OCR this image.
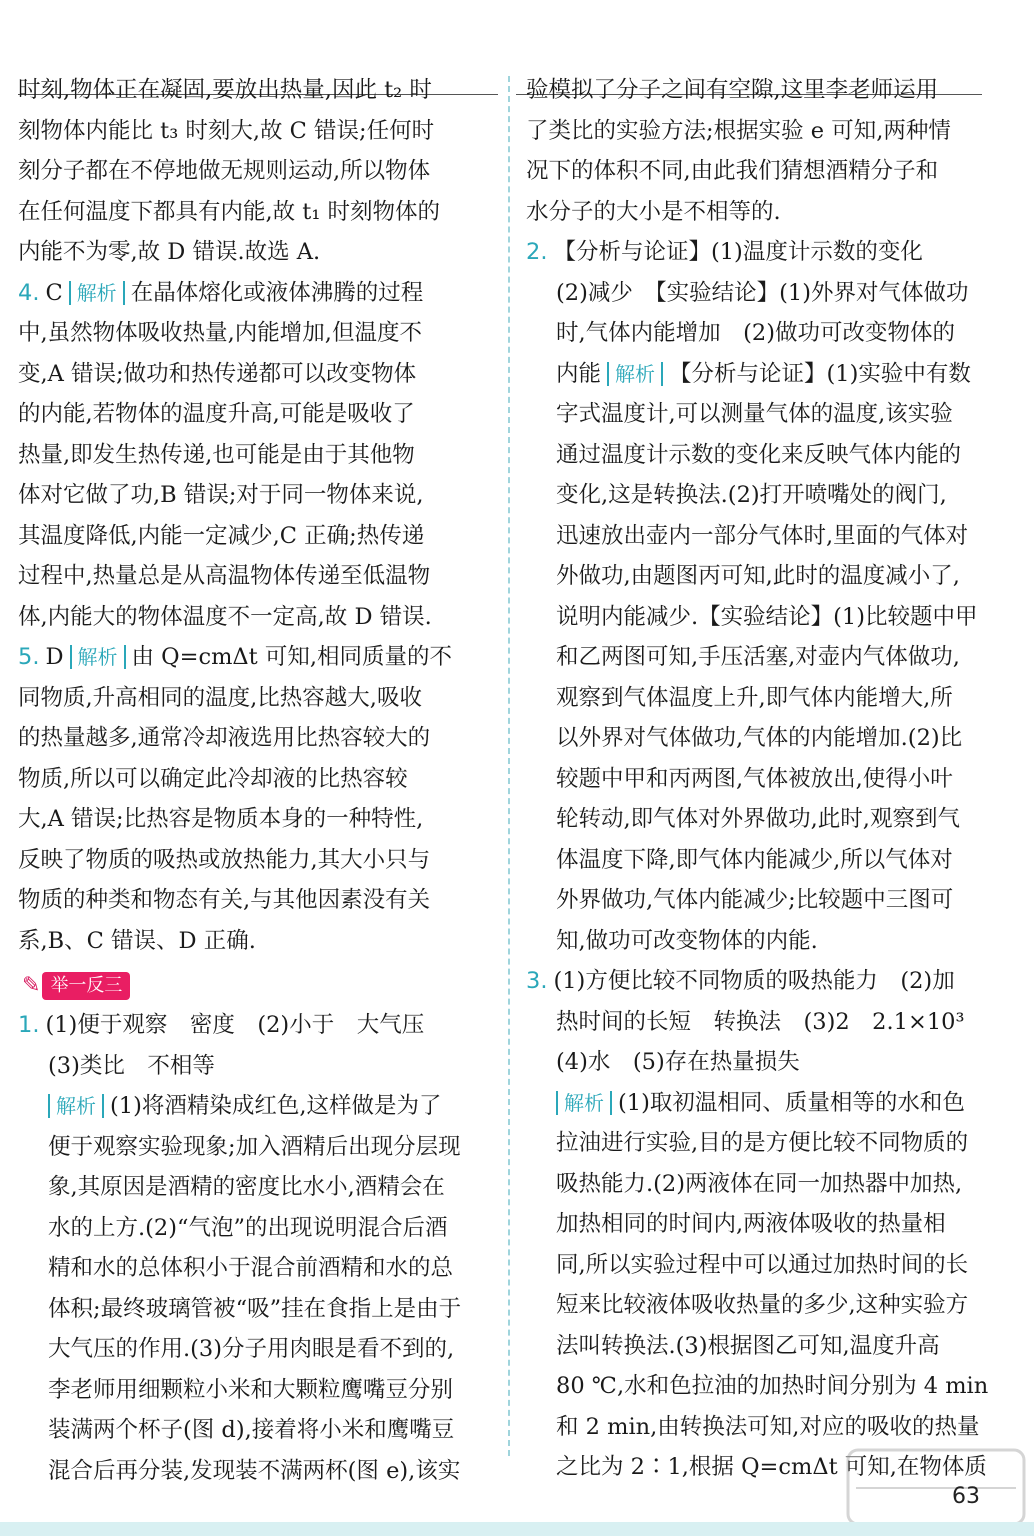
时刻,物体正在凝固,要放出热量,因此 t₂ 时
刻物体内能比 t₃ 时刻大,故 C 错误;任何时
刻分子都在不停地做无规则运动,所以物体
在任何温度下都具有内能,故 t₁ 时刻物体的
内能不为零,故 D 错误.故选 A.
4. C 解析 在晶体熔化或液体沸腾的过程
中,虽然物体吸收热量,内能增加,但温度不
变,A 错误;做功和热传递都可以改变物体
的内能,若物体的温度升高,可能是吸收了
热量,即发生热传递,也可能是由于其他物
体对它做了功,B 错误;对于同一物体来说,
其温度降低,内能一定减少,C 正确;热传递
过程中,热量总是从高温物体传递至低温物
体,内能大的物体温度不一定高,故 D 错误.
5. D 解析 由 Q=cmΔt 可知,相同质量的不
同物质,升高相同的温度,比热容越大,吸收
的热量越多,通常冷却液选用比热容较大的
物质,所以可以确定此冷却液的比热容较
大,A 错误;比热容是物质本身的一种特性,
反映了物质的吸热或放热能力,其大小只与
物质的种类和物态有关,与其他因素没有关
系,B、C 错误、D 正确.
✎ 举一反三
1. (1)便于观察　密度　(2)小于　大气压
(3)类比　不相等
解析 (1)将酒精染成红色,这样做是为了
便于观察实验现象;加入酒精后出现分层现
象,其原因是酒精的密度比水小,酒精会在
水的上方.(2)“气泡”的出现说明混合后酒
精和水的总体积小于混合前酒精和水的总
体积;最终玻璃管被“吸”挂在食指上是由于
大气压的作用.(3)分子用肉眼是看不到的,
李老师用细颗粒小米和大颗粒鹰嘴豆分别
装满两个杯子(图 d),接着将小米和鹰嘴豆
混合后再分装,发现装不满两杯(图 e),该实
验模拟了分子之间有空隙,这里李老师运用
了类比的实验方法;根据实验 e 可知,两种情
况下的体积不同,由此我们猜想酒精分子和
水分子的大小是不相等的.
2. 【分析与论证】(1)温度计示数的变化
(2)减少　【实验结论】(1)外界对气体做功
时,气体内能增加　(2)做功可改变物体的
内能 解析 【分析与论证】(1)实验中有数
字式温度计,可以测量气体的温度,该实验
通过温度计示数的变化来反映气体内能的
变化,这是转换法.(2)打开喷嘴处的阀门,
迅速放出壶内一部分气体时,里面的气体对
外做功,由题图丙可知,此时的温度减小了,
说明内能减少.【实验结论】(1)比较题中甲
和乙两图可知,手压活塞,对壶内气体做功,
观察到气体温度上升,即气体内能增大,所
以外界对气体做功,气体的内能增加.(2)比
较题中甲和丙两图,气体被放出,使得小叶
轮转动,即气体对外界做功,此时,观察到气
体温度下降,即气体内能减少,所以气体对
外界做功,气体内能减少;比较题中三图可
知,做功可改变物体的内能.
3. (1)方便比较不同物质的吸热能力　(2)加
热时间的长短　转换法　(3)2　2.1×10³
(4)水　(5)存在热量损失
解析 (1)取初温相同、质量相等的水和色
拉油进行实验,目的是方便比较不同物质的
吸热能力.(2)两液体在同一加热器中加热,
加热相同的时间内,两液体吸收的热量相
同,所以实验过程中可以通过加热时间的长
短来比较液体吸收热量的多少,这种实验方
法叫转换法.(3)根据图乙可知,温度升高
80 ℃,水和色拉油的加热时间分别为 4 min
和 2 min,由转换法可知,对应的吸收的热量
之比为 2∶1,根据 Q=cmΔt 可知,在物体质
63
